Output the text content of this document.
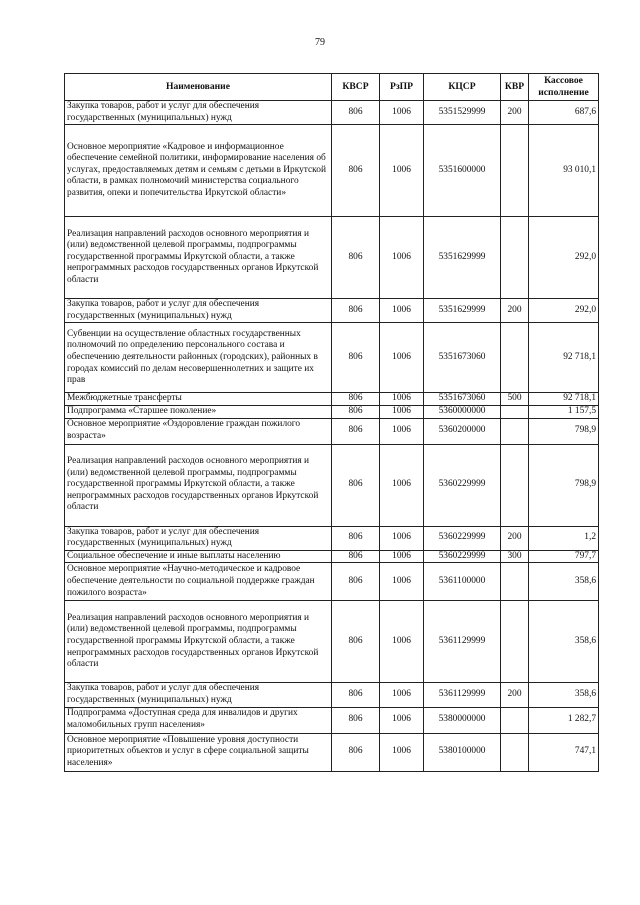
79
Наименование	КВСР	РзПР	КЦСР	КВР	Кассовое исполнение
Закупка товаров, работ и услуг для обеспечения государственных (муниципальных) нужд	806	1006	5351529999	200	687,6
Основное мероприятие «Кадровое и информационное обеспечение семейной политики, информирование населения об услугах, предоставляемых детям и семьям с детьми в Иркутской области, в рамках полномочий министерства социального развития, опеки и попечительства Иркутской области»	806	1006	5351600000		93 010,1
Реализация направлений расходов основного мероприятия и (или) ведомственной целевой программы, подпрограммы государственной программы Иркутской области, а также непрограммных расходов государственных органов Иркутской области	806	1006	5351629999		292,0
Закупка товаров, работ и услуг для обеспечения государственных (муниципальных) нужд	806	1006	5351629999	200	292,0
Субвенции на осуществление областных государственных полномочий по определению персонального состава и обеспечению деятельности районных (городских), районных в городах комиссий по делам несовершеннолетних и защите их прав	806	1006	5351673060		92 718,1
Межбюджетные трансферты	806	1006	5351673060	500	92 718,1
Подпрограмма «Старшее поколение»	806	1006	5360000000		1 157,5
Основное мероприятие «Оздоровление граждан пожилого возраста»	806	1006	5360200000		798,9
Реализация направлений расходов основного мероприятия и (или) ведомственной целевой программы, подпрограммы государственной программы Иркутской области, а также непрограммных расходов государственных органов Иркутской области	806	1006	5360229999		798,9
Закупка товаров, работ и услуг для обеспечения государственных (муниципальных) нужд	806	1006	5360229999	200	1,2
Социальное обеспечение и иные выплаты населению	806	1006	5360229999	300	797,7
Основное мероприятие «Научно-методическое и кадровое обеспечение деятельности по социальной поддержке граждан пожилого возраста»	806	1006	5361100000		358,6
Реализация направлений расходов основного мероприятия и (или) ведомственной целевой программы, подпрограммы государственной программы Иркутской области, а также непрограммных расходов государственных органов Иркутской области	806	1006	5361129999		358,6
Закупка товаров, работ и услуг для обеспечения государственных (муниципальных) нужд	806	1006	5361129999	200	358,6
Подпрограмма «Доступная среда для инвалидов и других маломобильных групп населения»	806	1006	5380000000		1 282,7
Основное мероприятие «Повышение уровня доступности приоритетных объектов и услуг в сфере социальной защиты населения»	806	1006	5380100000		747,1
